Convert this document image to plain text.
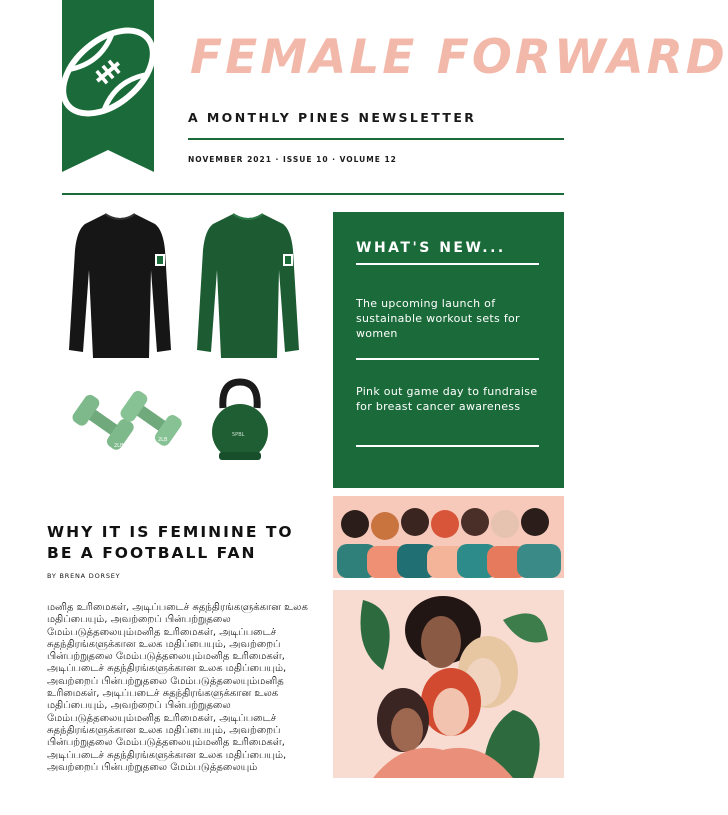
FEMALE FORWARD
A MONTHLY PINES NEWSLETTER
NOVEMBER 2021 · ISSUE 10 · VOLUME 12
2LB
2LB
5PBL
WHAT'S NEW...
The upcoming launch of sustainable workout sets for women
Pink out game day to fundraise for breast cancer awareness
WHY IT IS FEMININE TO BE A FOOTBALL FAN
BY BRENA DORSEY
மனித உரிமைகள், அடிப்படைச் சுதந்திரங்களுக்கான உலக மதிப்பையும், அவற்றைப் பின்பற்றுதலை மேம்படுத்தலையும்மனித உரிமைகள், அடிப்படைச் சுதந்திரங்களுக்கான உலக மதிப்பையும், அவற்றைப் பின்பற்றுதலை மேம்படுத்தலையும்மனித உரிமைகள், அடிப்படைச் சுதந்திரங்களுக்கான உலக மதிப்பையும், அவற்றைப் பின்பற்றுதலை மேம்படுத்தலையும்மனித உரிமைகள், அடிப்படைச் சுதந்திரங்களுக்கான உலக மதிப்பையும், அவற்றைப் பின்பற்றுதலை மேம்படுத்தலையும்மனித உரிமைகள், அடிப்படைச் சுதந்திரங்களுக்கான உலக மதிப்பையும், அவற்றைப் பின்பற்றுதலை மேம்படுத்தலையும்மனித உரிமைகள், அடிப்படைச் சுதந்திரங்களுக்கான உலக மதிப்பையும், அவற்றைப் பின்பற்றுதலை மேம்படுத்தலையும்
